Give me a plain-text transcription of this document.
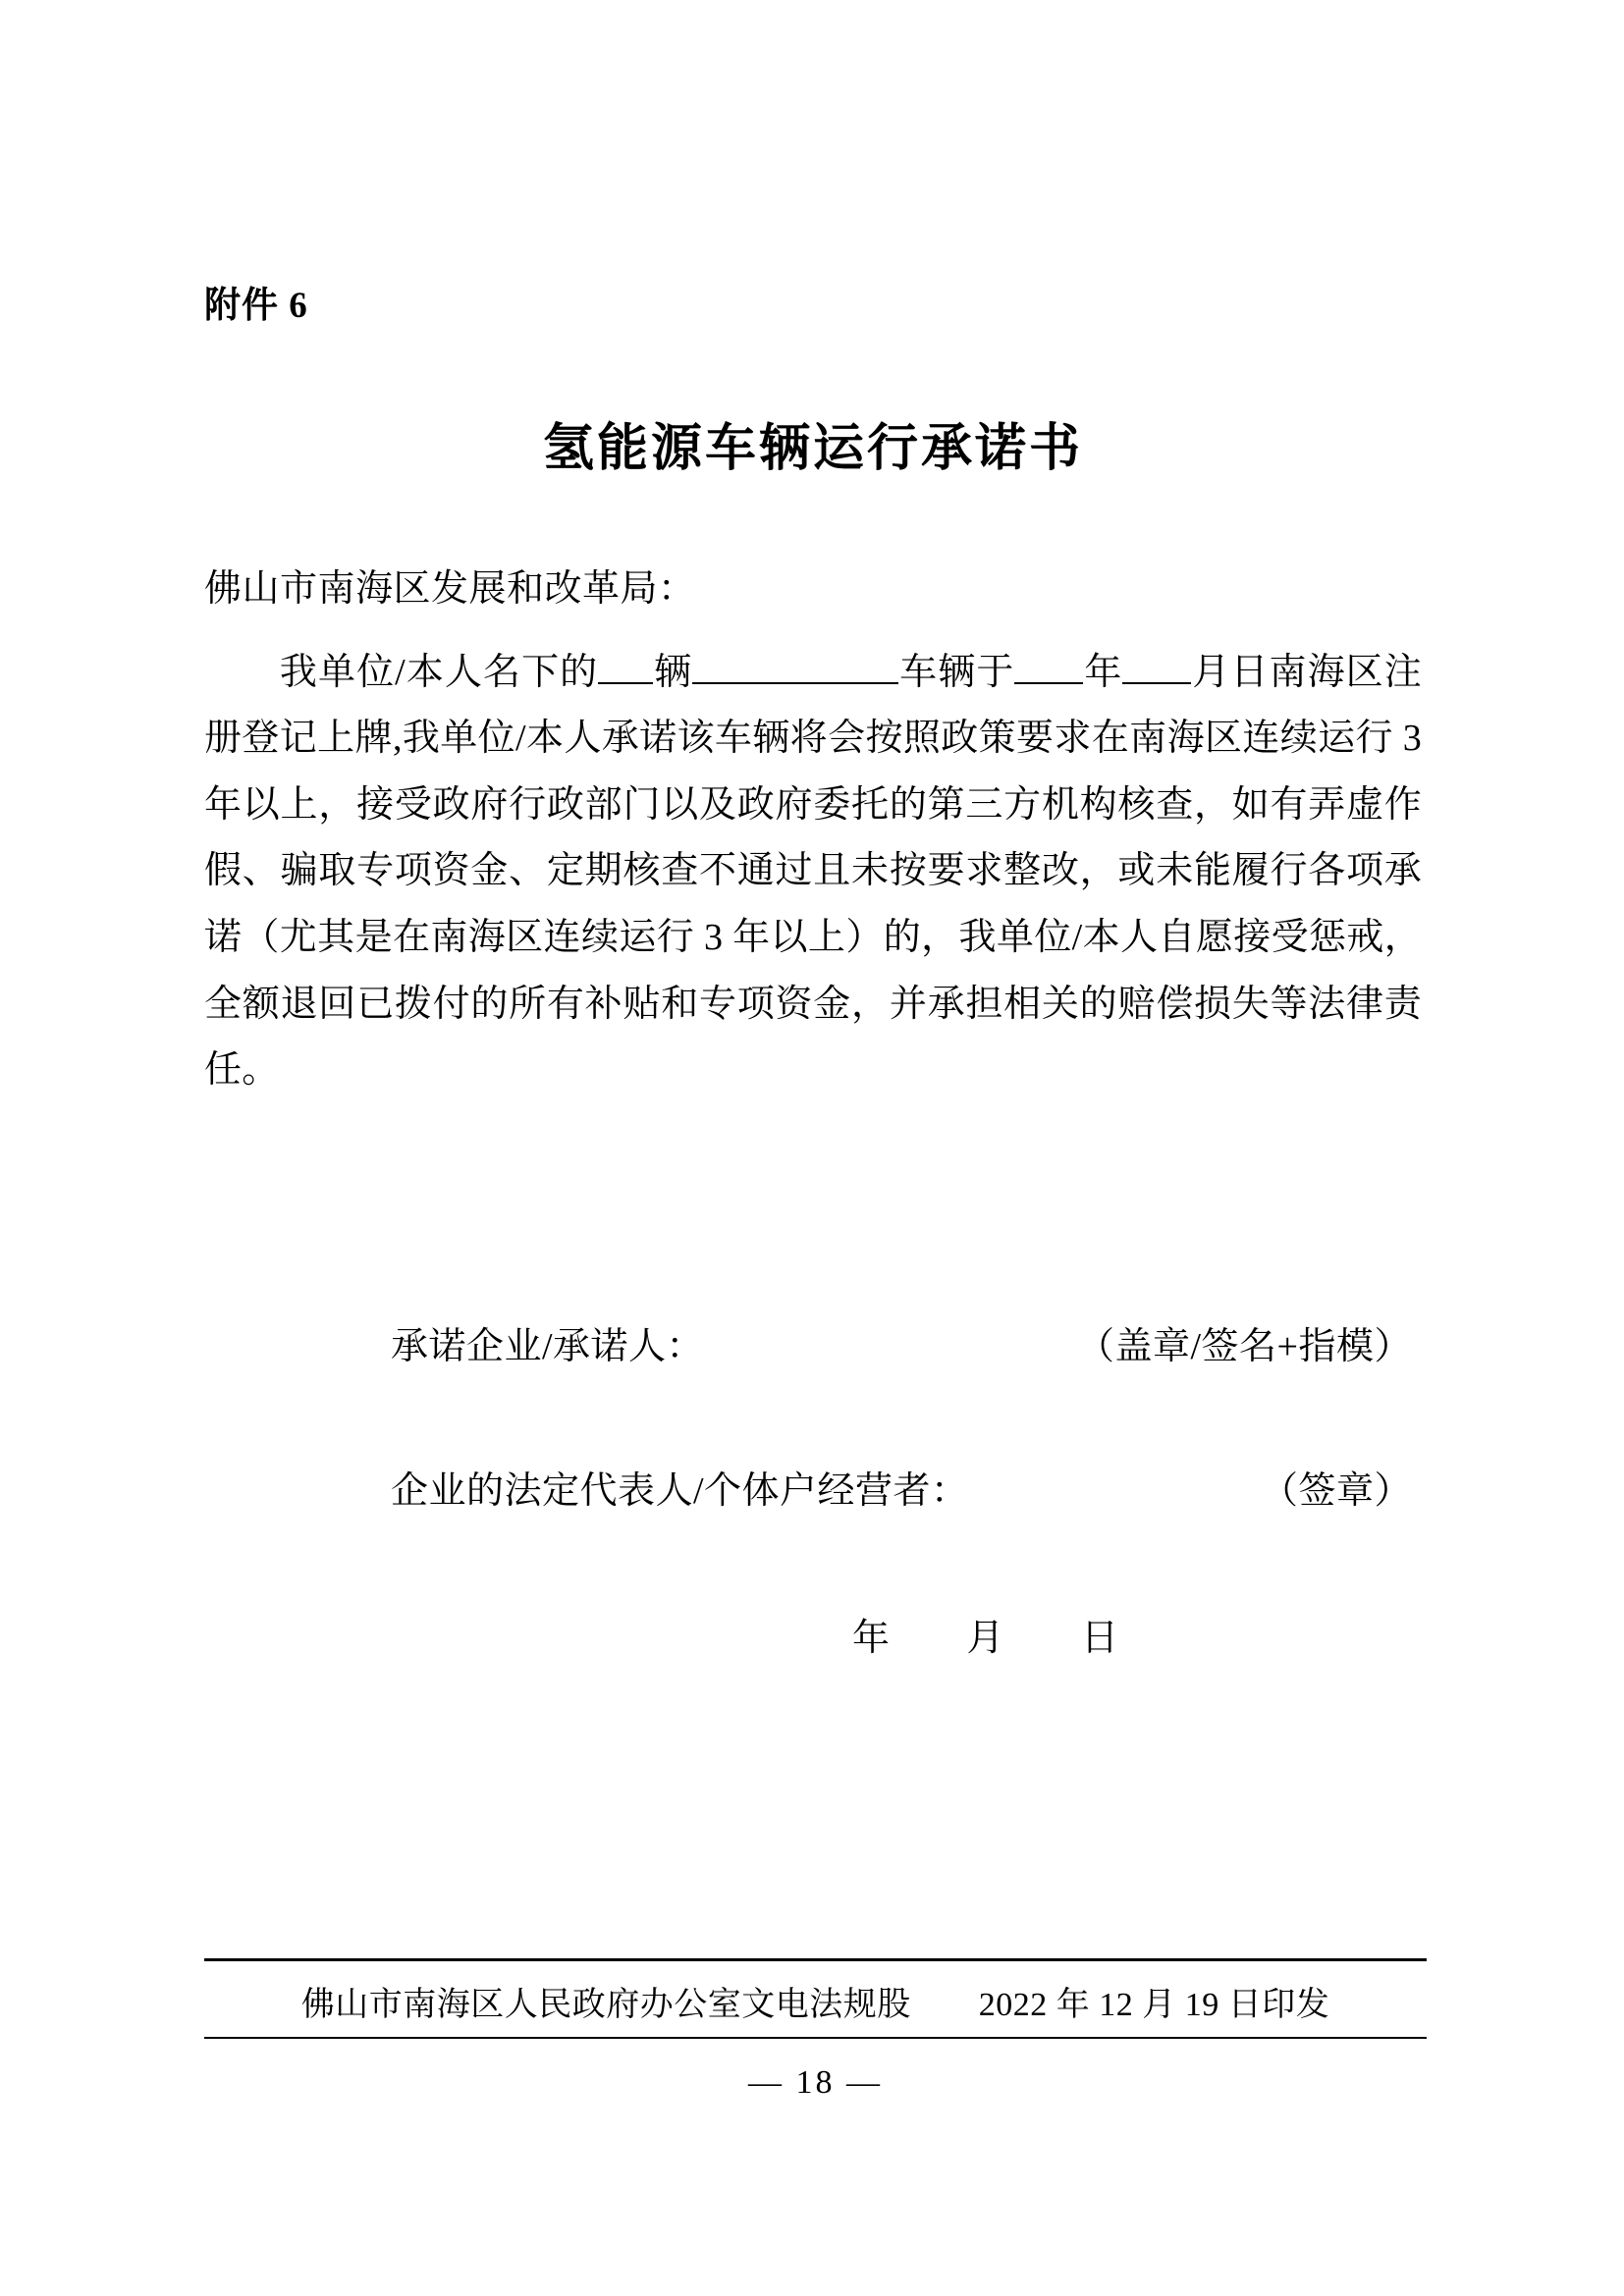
附件 6
氢能源车辆运行承诺书
佛山市南海区发展和改革局：
我单位/本人名下的 辆	车辆于 年 月日南海区注册登记上牌,我单位/本人承诺该车辆将会按照政策要求在南海区连续运行 3 年以上，接受政府行政部门以及政府委托的第三方机构核查，如有弄虚作假、骗取专项资金、定期核查不通过且未按要求整改，或未能履行各项承诺（尤其是在南海区连续运行 3 年以上）的，我单位/本人自愿接受惩戒，全额退回已拨付的所有补贴和专项资金，并承担相关的赔偿损失等法律责任。
承诺企业/承诺人：	（盖章/签名+指模）
企业的法定代表人/个体户经营者：	（签章）
年 月 日
佛山市南海区人民政府办公室文电法规股　　2022 年 12 月 19 日印发
— 18 —
